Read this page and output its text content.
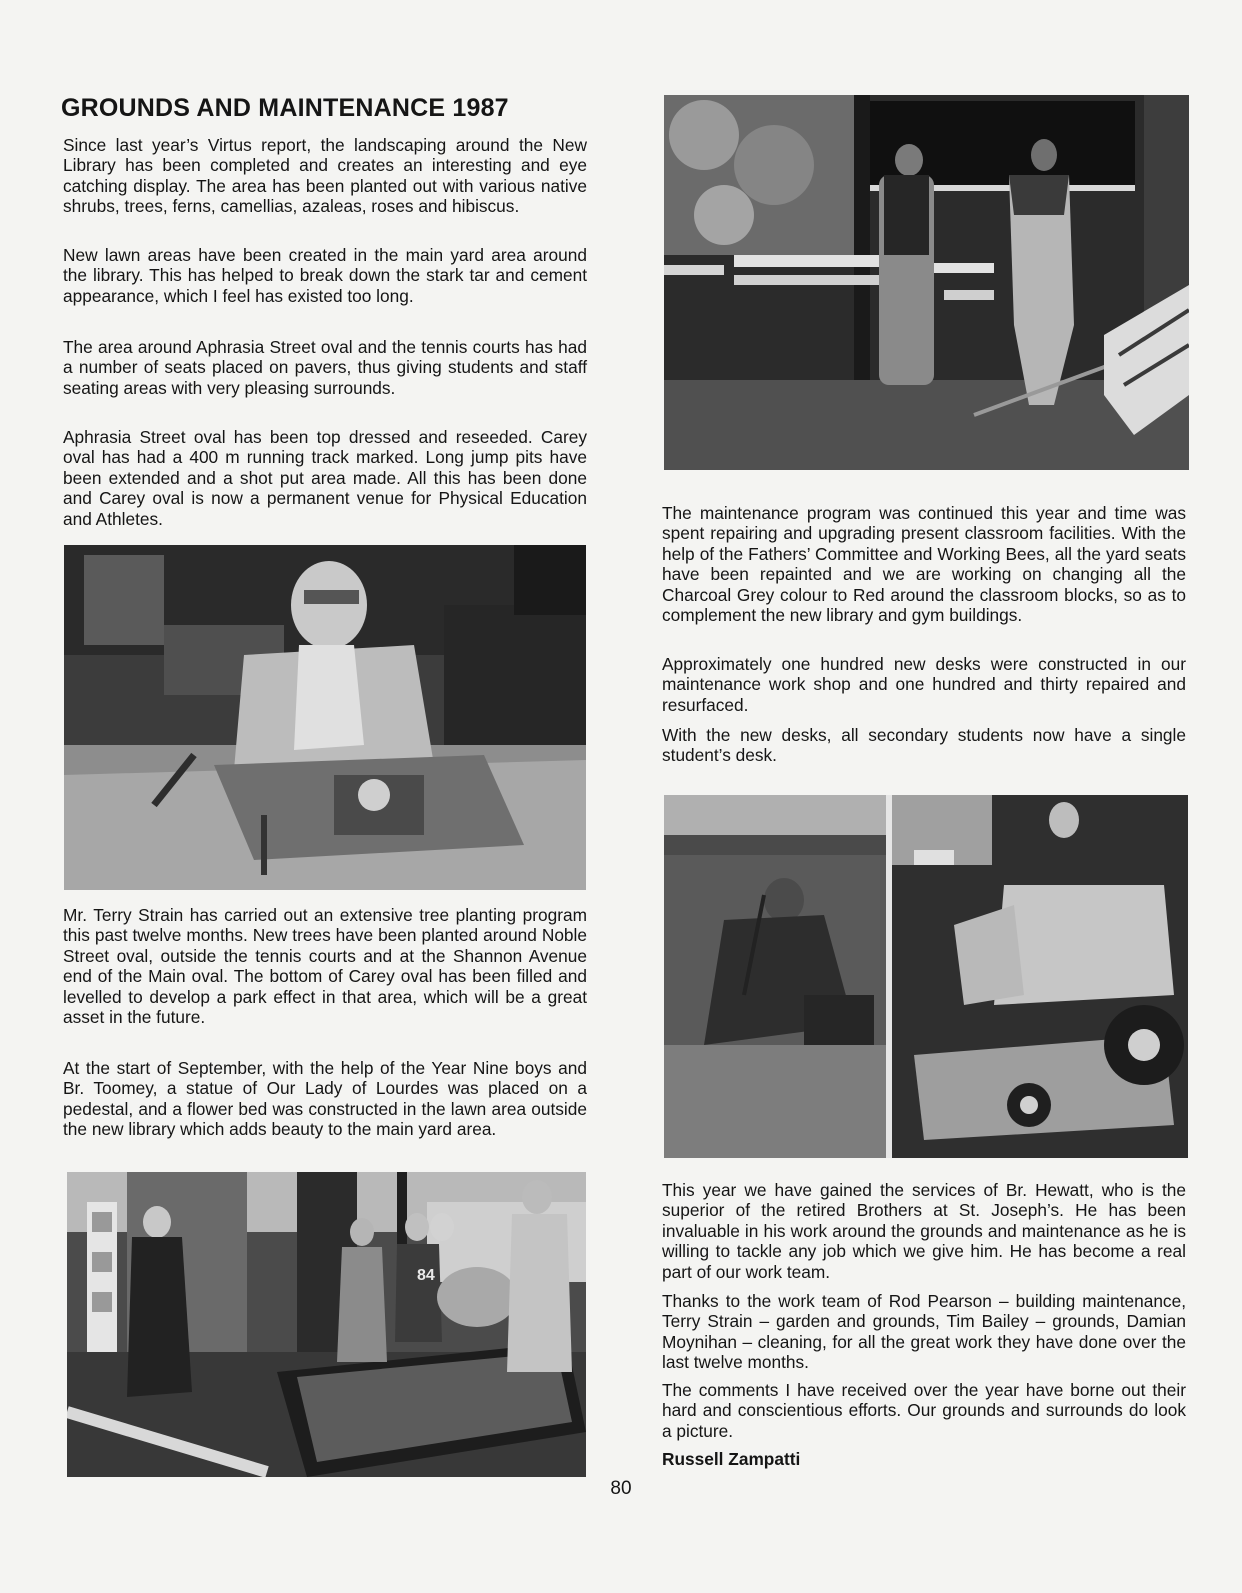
GROUNDS AND MAINTENANCE 1987

Since last year’s Virtus report, the landscaping around the New Library has been completed and creates an interesting and eye catching display. The area has been planted out with various native shrubs, trees, ferns, camellias, azaleas, roses and hibiscus.

New lawn areas have been created in the main yard area around the library. This has helped to break down the stark tar and cement appearance, which I feel has existed too long.

The area around Aphrasia Street oval and the tennis courts has had a number of seats placed on pavers, thus giving students and staff seating areas with very pleasing surrounds.

Aphrasia Street oval has been top dressed and reseeded. Carey oval has had a 400 m running track marked. Long jump pits have been extended and a shot put area made. All this has been done and Carey oval is now a permanent venue for Physical Education and Athletes.

Mr. Terry Strain has carried out an extensive tree planting program this past twelve months. New trees have been planted around Noble Street oval, outside the tennis courts and at the Shannon Avenue end of the Main oval. The bottom of Carey oval has been filled and levelled to develop a park effect in that area, which will be a great asset in the future.

At the start of September, with the help of the Year Nine boys and Br. Toomey, a statue of Our Lady of Lourdes was placed on a pedestal, and a flower bed was constructed in the lawn area outside the new library which adds beauty to the main yard area.

The maintenance program was continued this year and time was spent repairing and upgrading present classroom facilities. With the help of the Fathers’ Committee and Working Bees, all the yard seats have been repainted and we are working on changing all the Charcoal Grey colour to Red around the classroom blocks, so as to complement the new library and gym buildings.

Approximately one hundred new desks were constructed in our maintenance work shop and one hundred and thirty repaired and resurfaced.

With the new desks, all secondary students now have a single student’s desk.

This year we have gained the services of Br. Hewatt, who is the superior of the retired Brothers at St. Joseph’s. He has been invaluable in his work around the grounds and maintenance as he is willing to tackle any job which we give him. He has become a real part of our work team.

Thanks to the work team of Rod Pearson – building maintenance, Terry Strain – garden and grounds, Tim Bailey – grounds, Damian Moynihan – cleaning, for all the great work they have done over the last twelve months.

The comments I have received over the year have borne out their hard and conscientious efforts. Our grounds and surrounds do look a picture.

Russell Zampatti

84
80
